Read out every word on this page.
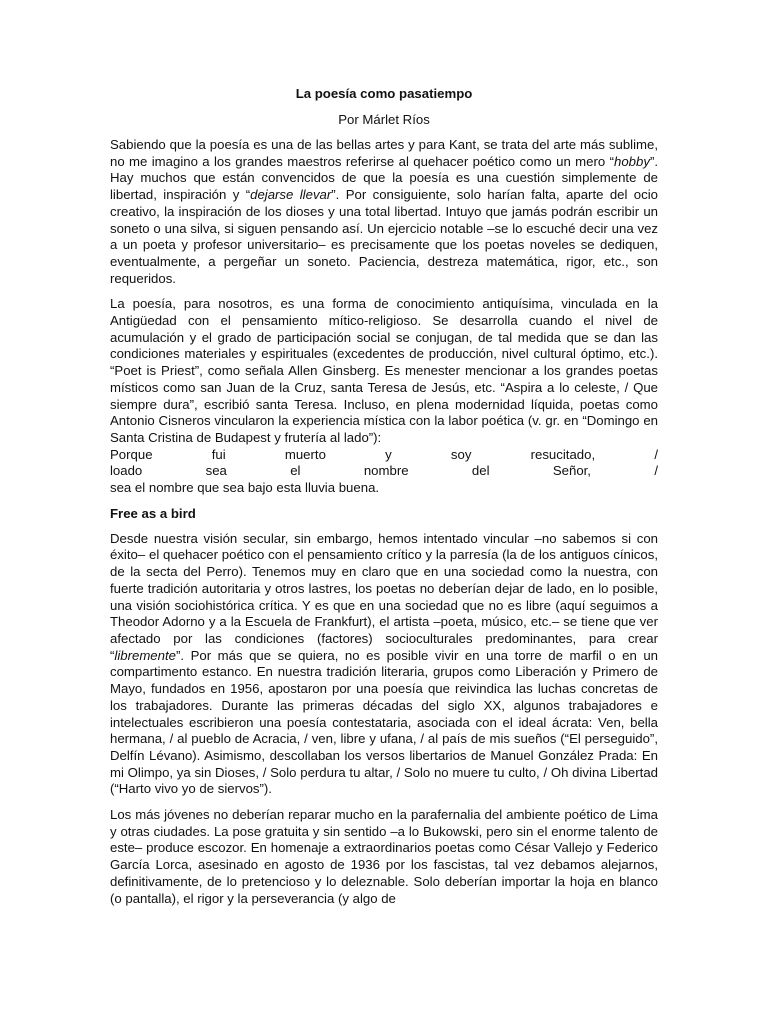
La poesía como pasatiempo
Por Márlet Ríos

Sabiendo que la poesía es una de las bellas artes y para Kant, se trata del arte más sublime, no me imagino a los grandes maestros referirse al quehacer poético como un mero “hobby”. Hay muchos que están convencidos de que la poesía es una cuestión simplemente de libertad, inspiración y “dejarse llevar”. Por consiguiente, solo harían falta, aparte del ocio creativo, la inspiración de los dioses y una total libertad. Intuyo que jamás podrán escribir un soneto o una silva, si siguen pensando así. Un ejercicio notable –se lo escuché decir una vez a un poeta y profesor universitario– es precisamente que los poetas noveles se dediquen, eventualmente, a pergeñar un soneto. Paciencia, destreza matemática, rigor, etc., son requeridos.

La poesía, para nosotros, es una forma de conocimiento antiquísima, vinculada en la Antigüedad con el pensamiento mítico-religioso. Se desarrolla cuando el nivel de acumulación y el grado de participación social se conjugan, de tal medida que se dan las condiciones materiales y espirituales (excedentes de producción, nivel cultural óptimo, etc.). “Poet is Priest”, como señala Allen Ginsberg. Es menester mencionar a los grandes poetas místicos como san Juan de la Cruz, santa Teresa de Jesús, etc. “Aspira a lo celeste, / Que siempre dura”, escribió santa Teresa. Incluso, en plena modernidad líquida, poetas como Antonio Cisneros vincularon la experiencia mística con la labor poética (v. gr. en “Domingo en Santa Cristina de Budapest y frutería al lado”):
Porque fui muerto y soy resucitado, /
loado sea el nombre del Señor, /
sea el nombre que sea bajo esta lluvia buena.

Free as a bird

Desde nuestra visión secular, sin embargo, hemos intentado vincular –no sabemos si con éxito– el quehacer poético con el pensamiento crítico y la parresía (la de los antiguos cínicos, de la secta del Perro). Tenemos muy en claro que en una sociedad como la nuestra, con fuerte tradición autoritaria y otros lastres, los poetas no deberían dejar de lado, en lo posible, una visión sociohistórica crítica. Y es que en una sociedad que no es libre (aquí seguimos a Theodor Adorno y a la Escuela de Frankfurt), el artista –poeta, músico, etc.– se tiene que ver afectado por las condiciones (factores) socioculturales predominantes, para crear “libremente”. Por más que se quiera, no es posible vivir en una torre de marfil o en un compartimento estanco. En nuestra tradición literaria, grupos como Liberación y Primero de Mayo, fundados en 1956, apostaron por una poesía que reivindica las luchas concretas de los trabajadores. Durante las primeras décadas del siglo XX, algunos trabajadores e intelectuales escribieron una poesía contestataria, asociada con el ideal ácrata: Ven, bella hermana, / al pueblo de Acracia, / ven, libre y ufana, / al país de mis sueños (“El perseguido”, Delfín Lévano). Asimismo, descollaban los versos libertarios de Manuel González Prada: En mi Olimpo, ya sin Dioses, / Solo perdura tu altar, / Solo no muere tu culto, / Oh divina Libertad (“Harto vivo yo de siervos”).

Los más jóvenes no deberían reparar mucho en la parafernalia del ambiente poético de Lima y otras ciudades. La pose gratuita y sin sentido –a lo Bukowski, pero sin el enorme talento de este– produce escozor. En homenaje a extraordinarios poetas como César Vallejo y Federico García Lorca, asesinado en agosto de 1936 por los fascistas, tal vez debamos alejarnos, definitivamente, de lo pretencioso y lo deleznable. Solo deberían importar la hoja en blanco (o pantalla), el rigor y la perseverancia (y algo de
